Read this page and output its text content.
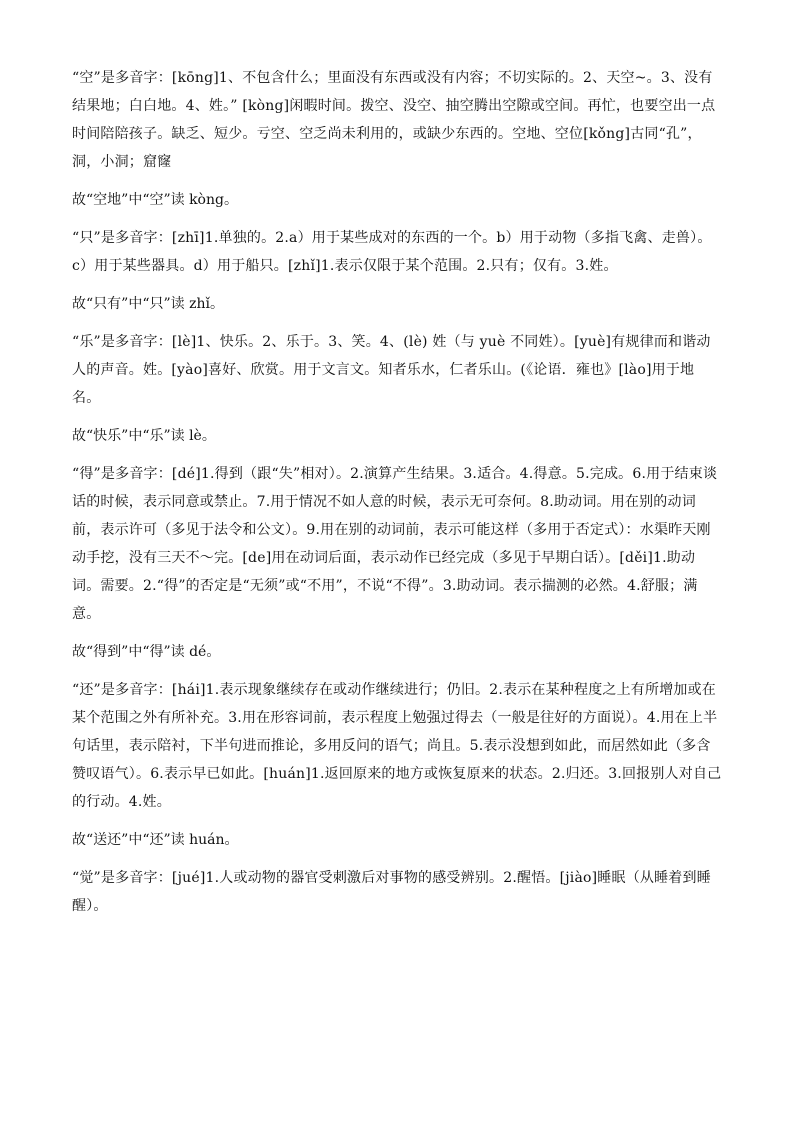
“空”是多音字：[kōng]1、不包含什么；里面没有东西或没有内容；不切实际的。2、天空~。3、没有结果地；白白地。4、姓。” [kòng]闲暇时间。拨空、没空、抽空腾出空隙或空间。再忙，也要空出一点时间陪陪孩子。缺乏、短少。亏空、空乏尚未利用的，或缺少东西的。空地、空位[kǒng]古同“孔”，洞，小洞；窟窿

故“空地”中“空”读 kòng。

“只”是多音字：[zhī]1.单独的。2.a）用于某些成对的东西的一个。b）用于动物（多指飞禽、走兽）。c）用于某些器具。d）用于船只。[zhǐ]1.表示仅限于某个范围。2.只有；仅有。3.姓。

故“只有”中“只”读 zhǐ。

“乐”是多音字：[lè]1、快乐。2、乐于。3、笑。4、(lè) 姓（与 yuè 不同姓）。[yuè]有规律而和谐动人的声音。姓。[yào]喜好、欣赏。用于文言文。知者乐水，仁者乐山。(《论语．雍也》[lào]用于地名。

故“快乐”中“乐”读 lè。

“得”是多音字：[dé]1.得到（跟“失”相对）。2.演算产生结果。3.适合。4.得意。5.完成。6.用于结束谈话的时候，表示同意或禁止。7.用于情况不如人意的时候，表示无可奈何。8.助动词。用在别的动词前，表示许可（多见于法令和公文）。9.用在别的动词前，表示可能这样（多用于否定式）：水渠昨天刚动手挖，没有三天不～完。[de]用在动词后面，表示动作已经完成（多见于早期白话）。[děi]1.助动词。需要。2.“得”的否定是“无须”或“不用”，不说“不得”。3.助动词。表示揣测的必然。4.舒服；满意。

故“得到”中“得”读 dé。

“还”是多音字：[hái]1.表示现象继续存在或动作继续进行；仍旧。2.表示在某种程度之上有所增加或在某个范围之外有所补充。3.用在形容词前，表示程度上勉强过得去（一般是往好的方面说）。4.用在上半句话里，表示陪衬，下半句进而推论，多用反问的语气；尚且。5.表示没想到如此，而居然如此（多含赞叹语气）。6.表示早已如此。[huán]1.返回原来的地方或恢复原来的状态。2.归还。3.回报别人对自己的行动。4.姓。

故“送还”中“还”读 huán。

“觉”是多音字：[jué]1.人或动物的器官受刺激后对事物的感受辨别。2.醒悟。[jiào]睡眠（从睡着到睡醒）。
